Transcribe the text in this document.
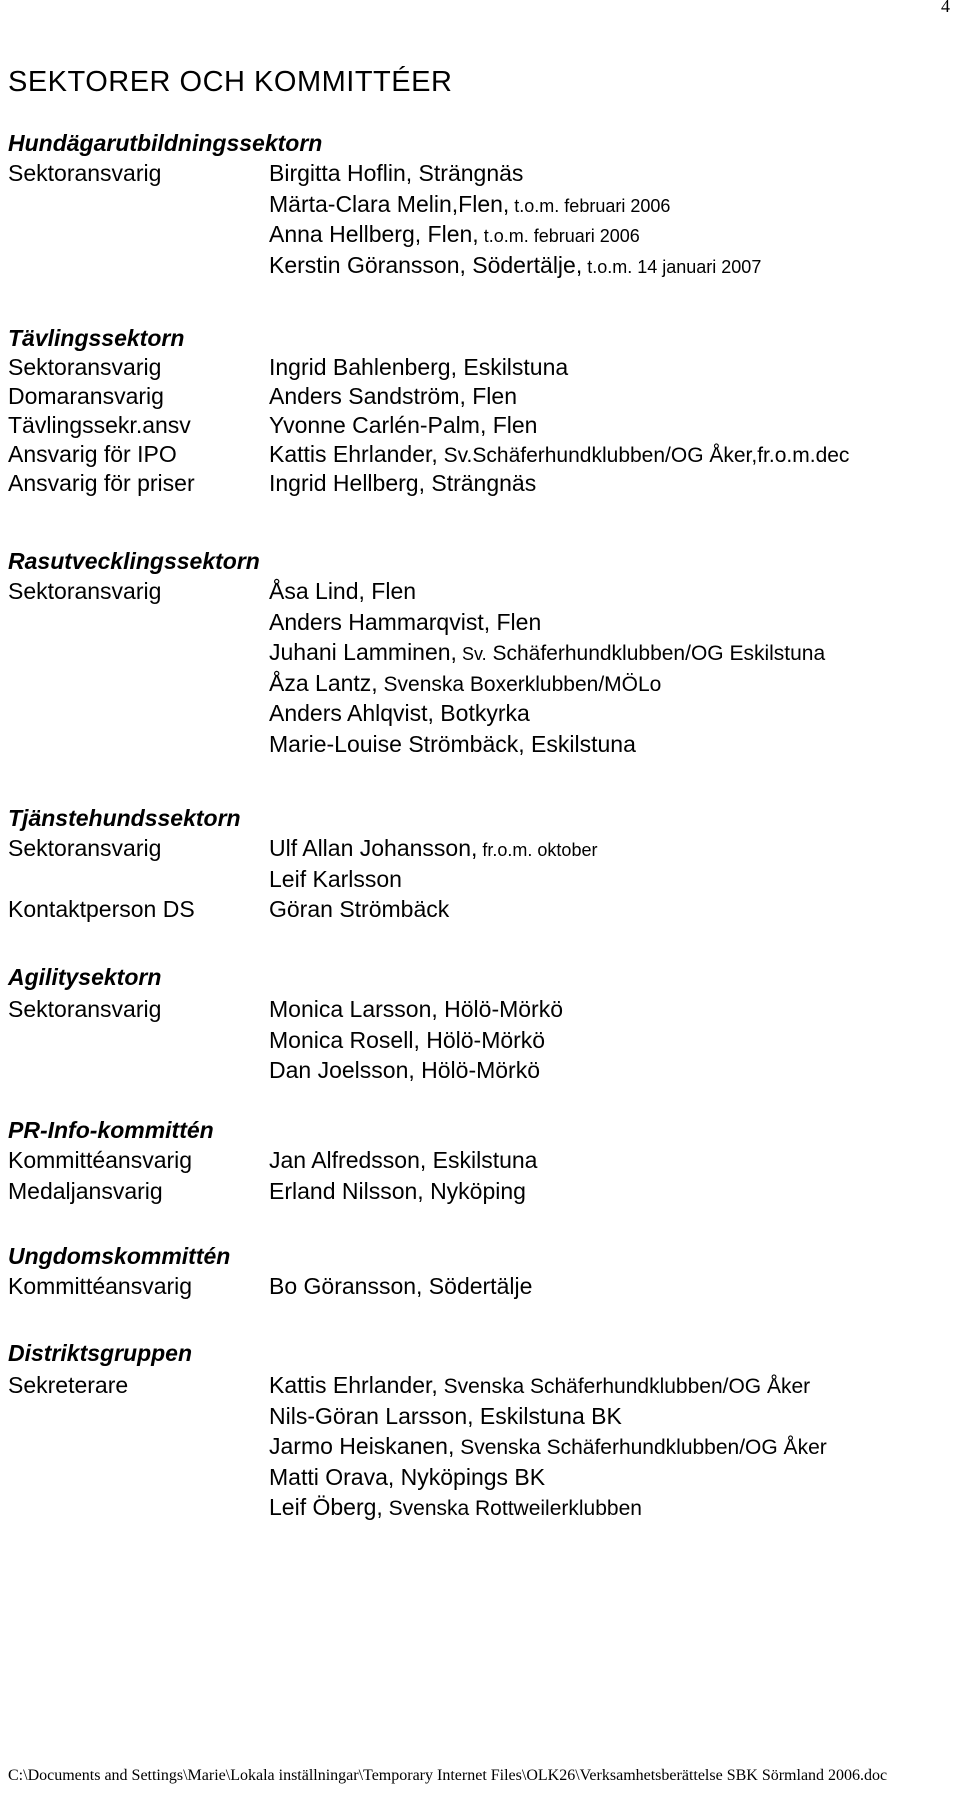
4
SEKTORER OCH KOMMITTÉER
Hundägarutbildningssektorn
Sektoransvarig	Birgitta Hoflin, Strängnäs
Märta-Clara Melin,Flen, t.o.m. februari 2006
Anna Hellberg, Flen, t.o.m. februari 2006
Kerstin Göransson, Södertälje, t.o.m. 14 januari 2007
Tävlingssektorn
Sektoransvarig	Ingrid Bahlenberg, Eskilstuna
Domaransvarig	Anders Sandström, Flen
Tävlingssekr.ansv	Yvonne Carlén-Palm, Flen
Ansvarig för IPO	Kattis Ehrlander, Sv.Schäferhundklubben/OG Åker,fr.o.m.dec
Ansvarig för priser	Ingrid Hellberg, Strängnäs
Rasutvecklingssektorn
Sektoransvarig	Åsa Lind, Flen
Anders Hammarqvist, Flen
Juhani Lamminen, Sv. Schäferhundklubben/OG Eskilstuna
Åza Lantz, Svenska Boxerklubben/MÖLo
Anders Ahlqvist, Botkyrka
Marie-Louise Strömbäck, Eskilstuna
Tjänstehundssektorn
Sektoransvarig	Ulf Allan Johansson, fr.o.m. oktober
Leif Karlsson
Kontaktperson DS	Göran Strömbäck
Agilitysektorn
Sektoransvarig	Monica Larsson, Hölö-Mörkö
Monica Rosell, Hölö-Mörkö
Dan Joelsson, Hölö-Mörkö
PR-Info-kommittén
Kommittéansvarig	Jan Alfredsson, Eskilstuna
Medaljansvarig	Erland Nilsson, Nyköping
Ungdomskommittén
Kommittéansvarig	Bo Göransson, Södertälje
Distriktsgruppen
Sekreterare	Kattis Ehrlander, Svenska Schäferhundklubben/OG Åker
Nils-Göran Larsson, Eskilstuna BK
Jarmo Heiskanen, Svenska Schäferhundklubben/OG Åker
Matti Orava, Nyköpings BK
Leif Öberg, Svenska Rottweilerklubben
C:\Documents and Settings\Marie\Lokala inställningar\Temporary Internet Files\OLK26\Verksamhetsberättelse SBK Sörmland 2006.doc
